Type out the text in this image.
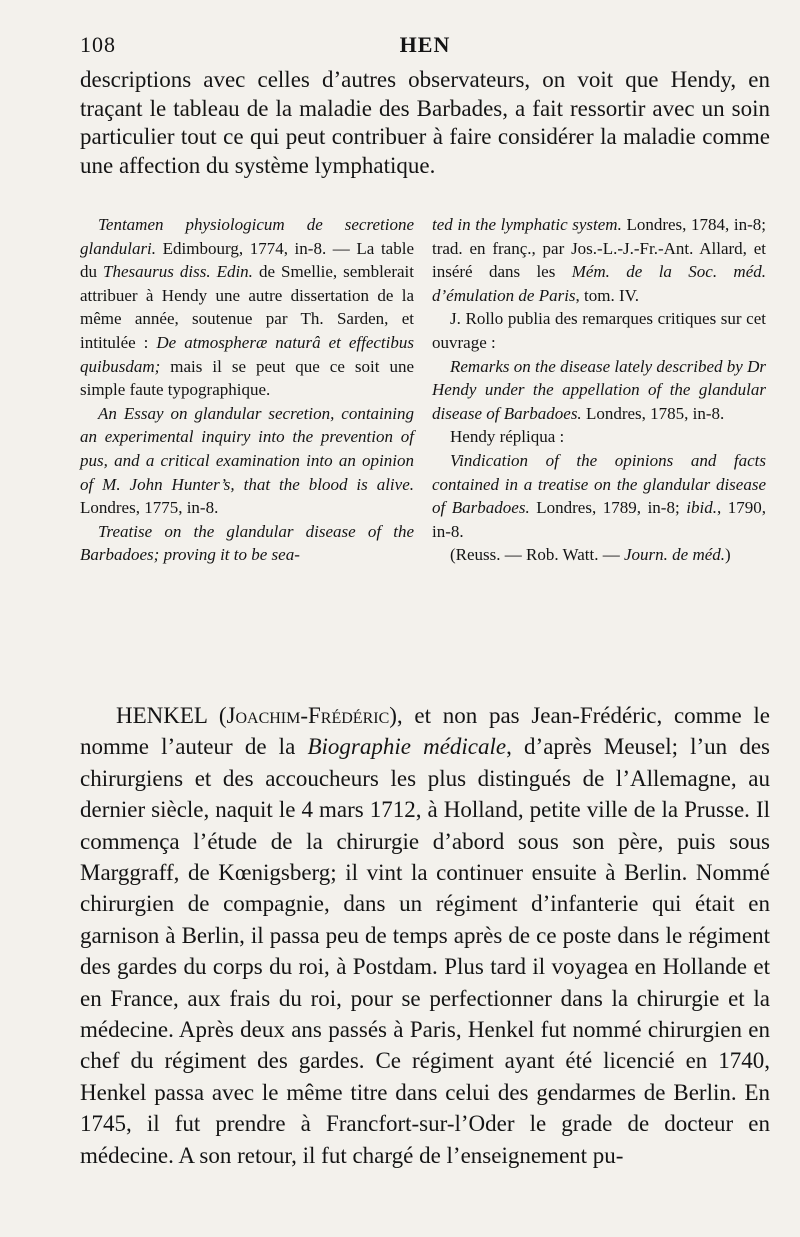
108	HEN

descriptions avec celles d’autres observateurs, on voit que Hendy, en traçant le tableau de la maladie des Barbades, a fait ressortir avec un soin particulier tout ce qui peut contribuer à faire considérer la maladie comme une affection du système lymphatique.

Tentamen physiologicum de secretione glandulari. Edimbourg, 1774, in-8. — La table du Thesaurus diss. Edin. de Smellie, semblerait attribuer à Hendy une autre dissertation de la même année, soutenue par Th. Sarden, et intitulée : De atmospheræ naturâ et effectibus quibusdam; mais il se peut que ce soit une simple faute typographique.

An Essay on glandular secretion, containing an experimental inquiry into the prevention of pus, and a critical examination into an opinion of M. John Hunter’s, that the blood is alive. Londres, 1775, in-8.

Treatise on the glandular disease of the Barbadoes; proving it to be sea-

ted in the lymphatic system. Londres, 1784, in-8; trad. en franç., par Jos.-L.-J.-Fr.-Ant. Allard, et inséré dans les Mém. de la Soc. méd. d’émulation de Paris, tom. IV.

J. Rollo publia des remarques critiques sur cet ouvrage :

Remarks on the disease lately described by Dr Hendy under the appellation of the glandular disease of Barbadoes. Londres, 1785, in-8.

Hendy répliqua :

Vindication of the opinions and facts contained in a treatise on the glandular disease of Barbadoes. Londres, 1789, in-8; ibid., 1790, in-8.

(Reuss. — Rob. Watt. — Journ. de méd.)

HENKEL (Joachim-Frédéric), et non pas Jean-Frédéric, comme le nomme l’auteur de la Biographie médicale, d’après Meusel; l’un des chirurgiens et des accoucheurs les plus distingués de l’Allemagne, au dernier siècle, naquit le 4 mars 1712, à Holland, petite ville de la Prusse. Il commença l’étude de la chirurgie d’abord sous son père, puis sous Marggraff, de Kœnigsberg; il vint la continuer ensuite à Berlin. Nommé chirurgien de compagnie, dans un régiment d’infanterie qui était en garnison à Berlin, il passa peu de temps après de ce poste dans le régiment des gardes du corps du roi, à Postdam. Plus tard il voyagea en Hollande et en France, aux frais du roi, pour se perfectionner dans la chirurgie et la médecine. Après deux ans passés à Paris, Henkel fut nommé chirurgien en chef du régiment des gardes. Ce régiment ayant été licencié en 1740, Henkel passa avec le même titre dans celui des gendarmes de Berlin. En 1745, il fut prendre à Francfort-sur-l’Oder le grade de docteur en médecine. A son retour, il fut chargé de l’enseignement pu-
